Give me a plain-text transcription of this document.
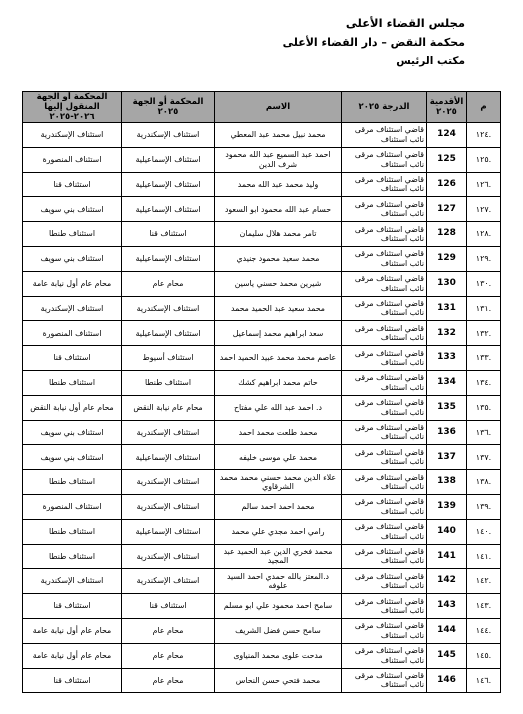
مجلس القضاء الأعلى
محكمة النقض – دار القضاء الأعلى
مكتب الرئيس
م	الأقدمية ٢٠٢٥	الدرجة ٢٠٢٥	الاسم	المحكمة أو الجهة ٢٠٢٥	المحكمة أو الجهة المنقول إليها ٢٠٢٦-٢٠٢٥
.١٢٤	124	قاضي استئناف مرقى نائب استئناف	محمد نبيل محمد عبد المعطي	استئناف الإسكندرية	استئناف الإسكندرية
.١٢٥	125	قاضي استئناف مرقى نائب استئناف	احمد عبد السميع عبد الله محمود شرف الدين	استئناف الإسماعيلية	استئناف المنصورة
.١٢٦	126	قاضي استئناف مرقى نائب استئناف	وليد محمد عبد الله محمد	استئناف الإسماعيلية	استئناف قنا
.١٢٧	127	قاضي استئناف مرقى نائب استئناف	حسام عبد الله محمود ابو السعود	استئناف الإسماعيلية	استئناف بني سويف
.١٢٨	128	قاضي استئناف مرقى نائب استئناف	تامر محمد هلال سليمان	استئناف قنا	استئناف طنطا
.١٢٩	129	قاضي استئناف مرقى نائب استئناف	محمد سعيد محمود جنيدي	استئناف الإسماعيلية	استئناف بني سويف
.١٣٠	130	قاضي استئناف مرقى نائب استئناف	شيرين محمد حسني ياسين	محام عام	محام عام أول نيابة عامة
.١٣١	131	قاضي استئناف مرقى نائب استئناف	محمد سعيد عبد الحميد محمد	استئناف الإسكندرية	استئناف الإسكندرية
.١٣٢	132	قاضي استئناف مرقى نائب استئناف	سعد ابراهيم محمد إسماعيل	استئناف الإسماعيلية	استئناف المنصورة
.١٣٣	133	قاضي استئناف مرقى نائب استئناف	عاصم محمد محمد عبيد الحميد احمد	استئناف أسيوط	استئناف قنا
.١٣٤	134	قاضي استئناف مرقى نائب استئناف	حاتم محمد ابراهيم كشك	استئناف طنطا	استئناف طنطا
.١٣٥	135	قاضي استئناف مرقى نائب استئناف	د. احمد عبد الله علي مفتاح	محام عام نيابة النقض	محام عام أول نيابة النقض
.١٣٦	136	قاضي استئناف مرقى نائب استئناف	محمد طلعت محمد احمد	استئناف الإسكندرية	استئناف بني سويف
.١٣٧	137	قاضي استئناف مرقى نائب استئناف	محمد علي موسى خليفه	استئناف الإسماعيلية	استئناف بني سويف
.١٣٨	138	قاضي استئناف مرقى نائب استئناف	علاء الدين محمد حسني محمد محمد الشرقاوي	استئناف الإسكندرية	استئناف طنطا
.١٣٩	139	قاضي استئناف مرقى نائب استئناف	محمد احمد احمد سالم	استئناف الإسكندرية	استئناف المنصورة
.١٤٠	140	قاضي استئناف مرقى نائب استئناف	رامي احمد مجدي علي محمد	استئناف الإسماعيلية	استئناف طنطا
.١٤١	141	قاضي استئناف مرقى نائب استئناف	محمد فخري الدين عبد الحميد عبد المجيد	استئناف الإسكندرية	استئناف طنطا
.١٤٢	142	قاضي استئناف مرقى نائب استئناف	د.المعتز بالله حمدي احمد السيد علوفه	استئناف الإسكندرية	استئناف الإسكندرية
.١٤٣	143	قاضي استئناف مرقى نائب استئناف	سامح احمد محمود علي ابو مسلم	استئناف قنا	استئناف قنا
.١٤٤	144	قاضي استئناف مرقى نائب استئناف	سامح حسن فضل الشريف	محام عام	محام عام أول نيابة عامة
.١٤٥	145	قاضي استئناف مرقى نائب استئناف	مدحت علوى محمد المنياوى	محام عام	محام عام أول نيابة عامة
.١٤٦	146	قاضي استئناف مرقى نائب استئناف	محمد فتحي حسن النحاس	محام عام	استئناف قنا
